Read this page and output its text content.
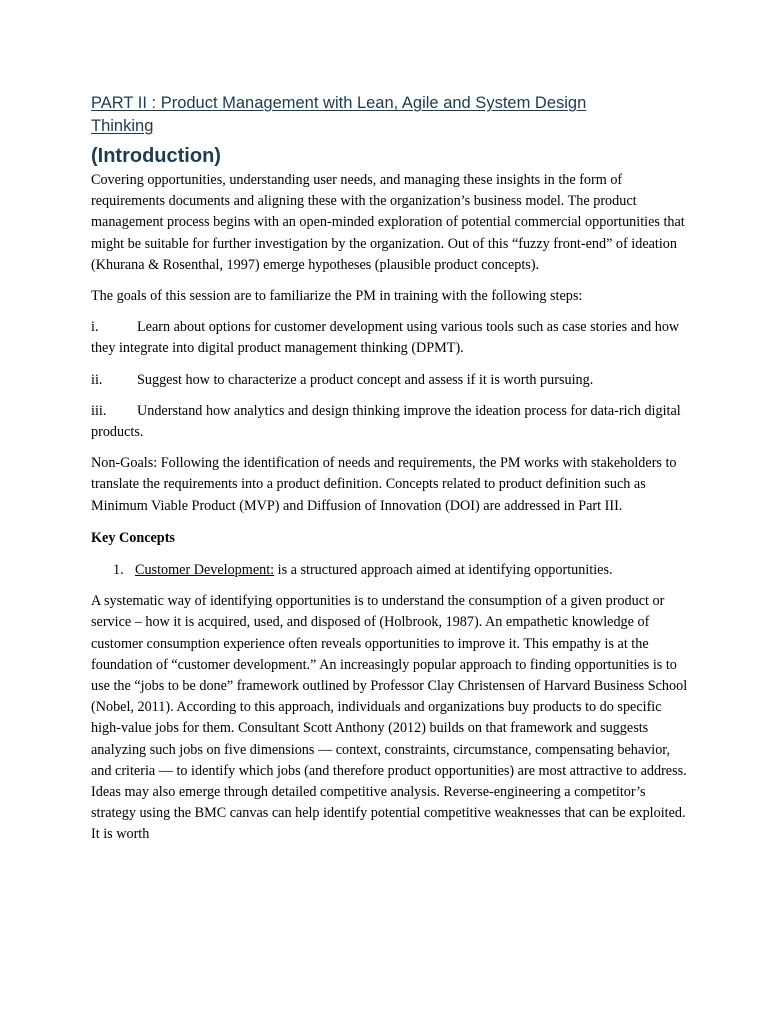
PART II : Product Management with Lean, Agile and System Design
Thinking
(Introduction)

Covering opportunities, understanding user needs, and managing these insights in the form of requirements documents and aligning these with the organization’s business model. The product management process begins with an open-minded exploration of potential commercial opportunities that might be suitable for further investigation by the organization. Out of this “fuzzy front-end” of ideation (Khurana & Rosenthal, 1997) emerge hypotheses (plausible product concepts).

The goals of this session are to familiarize the PM in training with the following steps:

i.	Learn about options for customer development using various tools such as case stories and how they integrate into digital product management thinking (DPMT).

ii. Suggest how to characterize a product concept and assess if it is worth pursuing.

iii. Understand how analytics and design thinking improve the ideation process for data-rich digital products.

Non-Goals: Following the identification of needs and requirements, the PM works with stakeholders to translate the requirements into a product definition. Concepts related to product definition such as Minimum Viable Product (MVP) and Diffusion of Innovation (DOI) are addressed in Part III.

Key Concepts

1. Customer Development: is a structured approach aimed at identifying opportunities.

A systematic way of identifying opportunities is to understand the consumption of a given product or service – how it is acquired, used, and disposed of (Holbrook, 1987). An empathetic knowledge of customer consumption experience often reveals opportunities to improve it. This empathy is at the foundation of “customer development.” An increasingly popular approach to finding opportunities is to use the “jobs to be done” framework outlined by Professor Clay Christensen of Harvard Business School (Nobel, 2011). According to this approach, individuals and organizations buy products to do specific high-value jobs for them. Consultant Scott Anthony (2012) builds on that framework and suggests analyzing such jobs on five dimensions — context, constraints, circumstance, compensating behavior, and criteria — to identify which jobs (and therefore product opportunities) are most attractive to address. Ideas may also emerge through detailed competitive analysis. Reverse-engineering a competitor’s strategy using the BMC canvas can help identify potential competitive weaknesses that can be exploited. It is worth
